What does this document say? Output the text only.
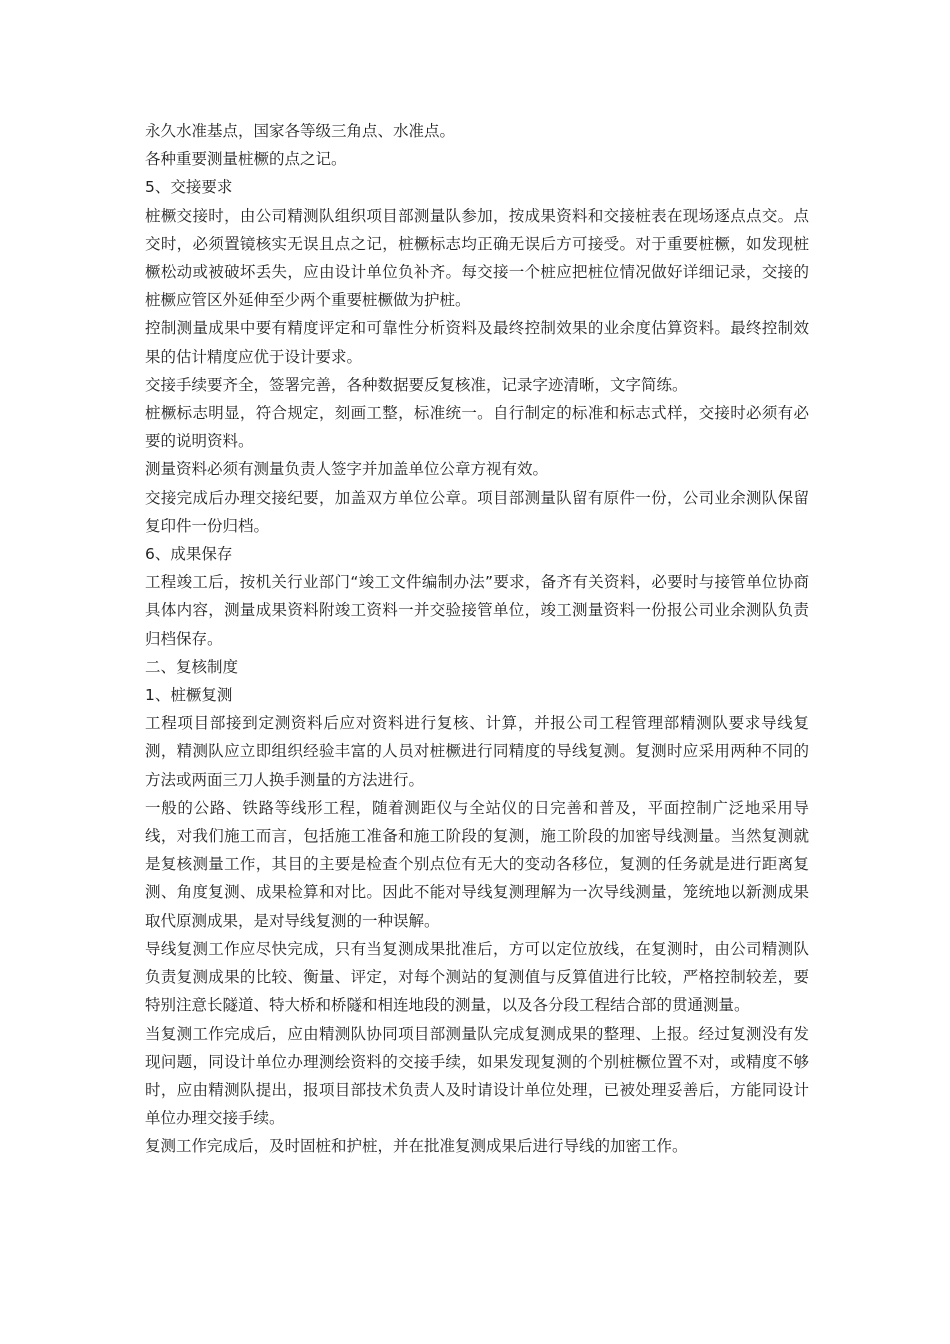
永久水准基点，国家各等级三角点、水准点。

各种重要测量桩橛的点之记。

5、交接要求

桩橛交接时，由公司精测队组织项目部测量队参加，按成果资料和交接桩表在现场逐点点交。点交时，必须置镜核实无误且点之记，桩橛标志均正确无误后方可接受。对于重要桩橛，如发现桩橛松动或被破坏丢失，应由设计单位负补齐。每交接一个桩应把桩位情况做好详细记录，交接的桩橛应管区外延伸至少两个重要桩橛做为护桩。

控制测量成果中要有精度评定和可靠性分析资料及最终控制效果的业余度估算资料。最终控制效果的估计精度应优于设计要求。

交接手续要齐全，签署完善，各种数据要反复核准，记录字迹清晰，文字简练。

桩橛标志明显，符合规定，刻画工整，标准统一。自行制定的标准和标志式样，交接时必须有必要的说明资料。

测量资料必须有测量负责人签字并加盖单位公章方视有效。

交接完成后办理交接纪要，加盖双方单位公章。项目部测量队留有原件一份，公司业余测队保留复印件一份归档。

6、成果保存

工程竣工后，按机关行业部门“竣工文件编制办法”要求，备齐有关资料，必要时与接管单位协商具体内容，测量成果资料附竣工资料一并交验接管单位，竣工测量资料一份报公司业余测队负责归档保存。

二、复核制度

1、桩橛复测

工程项目部接到定测资料后应对资料进行复核、计算，并报公司工程管理部精测队要求导线复测，精测队应立即组织经验丰富的人员对桩橛进行同精度的导线复测。复测时应采用两种不同的方法或两面三刀人换手测量的方法进行。

一般的公路、铁路等线形工程，随着测距仪与全站仪的日完善和普及，平面控制广泛地采用导线，对我们施工而言，包括施工准备和施工阶段的复测，施工阶段的加密导线测量。当然复测就是复核测量工作，其目的主要是检查个别点位有无大的变动各移位，复测的任务就是进行距离复测、角度复测、成果检算和对比。因此不能对导线复测理解为一次导线测量，笼统地以新测成果取代原测成果，是对导线复测的一种误解。

导线复测工作应尽快完成，只有当复测成果批准后，方可以定位放线，在复测时，由公司精测队负责复测成果的比较、衡量、评定，对每个测站的复测值与反算值进行比较，严格控制较差，要特别注意长隧道、特大桥和桥隧和相连地段的测量，以及各分段工程结合部的贯通测量。

当复测工作完成后，应由精测队协同项目部测量队完成复测成果的整理、上报。经过复测没有发现问题，同设计单位办理测绘资料的交接手续，如果发现复测的个别桩橛位置不对，或精度不够时，应由精测队提出，报项目部技术负责人及时请设计单位处理，已被处理妥善后，方能同设计单位办理交接手续。

复测工作完成后，及时固桩和护桩，并在批准复测成果后进行导线的加密工作。
